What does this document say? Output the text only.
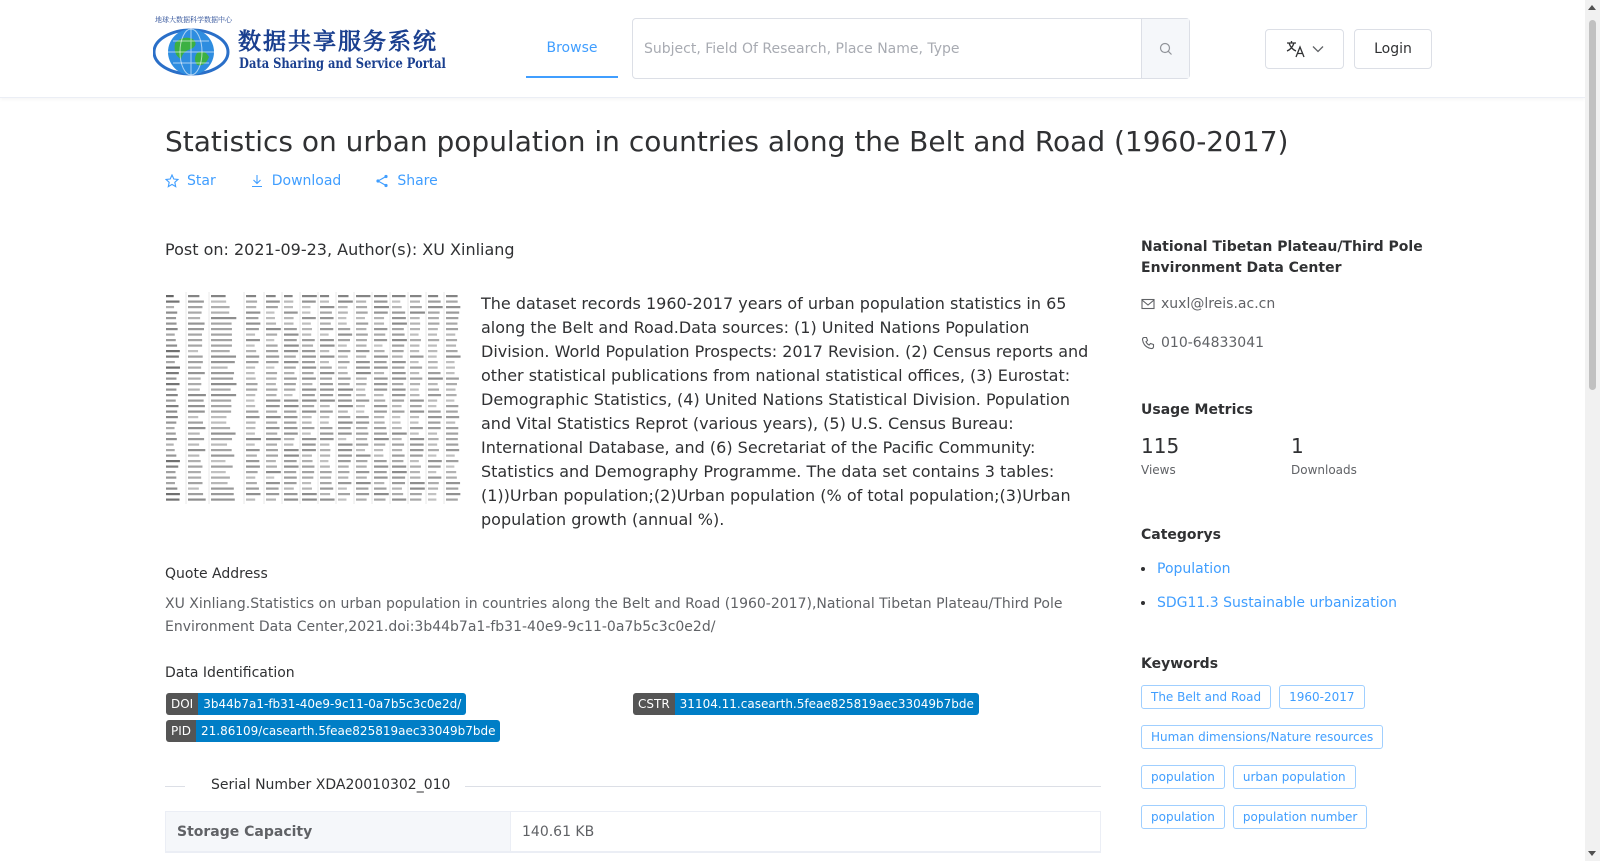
地球大数据科学数据中心
数据共享服务系统
Data Sharing and Service Portal
Browse
Subject, Field Of Research, Place Name, Type	Login
Statistics on urban population in countries along the Belt and Road (1960-2017)
Star	Download	Share
Post on: 2021-09-23, Author(s): XU Xinliang

The dataset records 1960-2017 years of urban population statistics in 65 along the Belt and Road.Data sources: (1) United Nations Population Division. World Population Prospects: 2017 Revision. (2) Census reports and other statistical publications from national statistical offices, (3) Eurostat: Demographic Statistics, (4) United Nations Statistical Division. Population and Vital Statistics Reprot (various years), (5) U.S. Census Bureau: International Database, and (6) Secretariat of the Pacific Community: Statistics and Demography Programme. The data set contains 3 tables: (1))Urban population;(2)Urban population (% of total population;(3)Urban population growth (annual %).

Quote Address

XU Xinliang.Statistics on urban population in countries along the Belt and Road (1960-2017),National Tibetan Plateau/Third Pole Environment Data Center,2021.doi:3b44b7a1-fb31-40e9-9c11-0a7b5c3c0e2d/

Data Identification
DOI 3b44b7a1-fb31-40e9-9c11-0a7b5c3c0e2d/	CSTR 31104.11.casearth.5feae825819aec33049b7bde
PID 21.86109/casearth.5feae825819aec33049b7bde
Serial Number XDA20010302_010
Storage Capacity	140.61 KB
National Tibetan Plateau/Third Pole Environment Data Center
xuxl@lreis.ac.cn
010-64833041
Usage Metrics
115
Views
1
Downloads
Categorys
Population
SDG11.3 Sustainable urbanization
Keywords
The Belt and Road	1960-2017
Human dimensions/Nature resources
population	urban population
population	population number
